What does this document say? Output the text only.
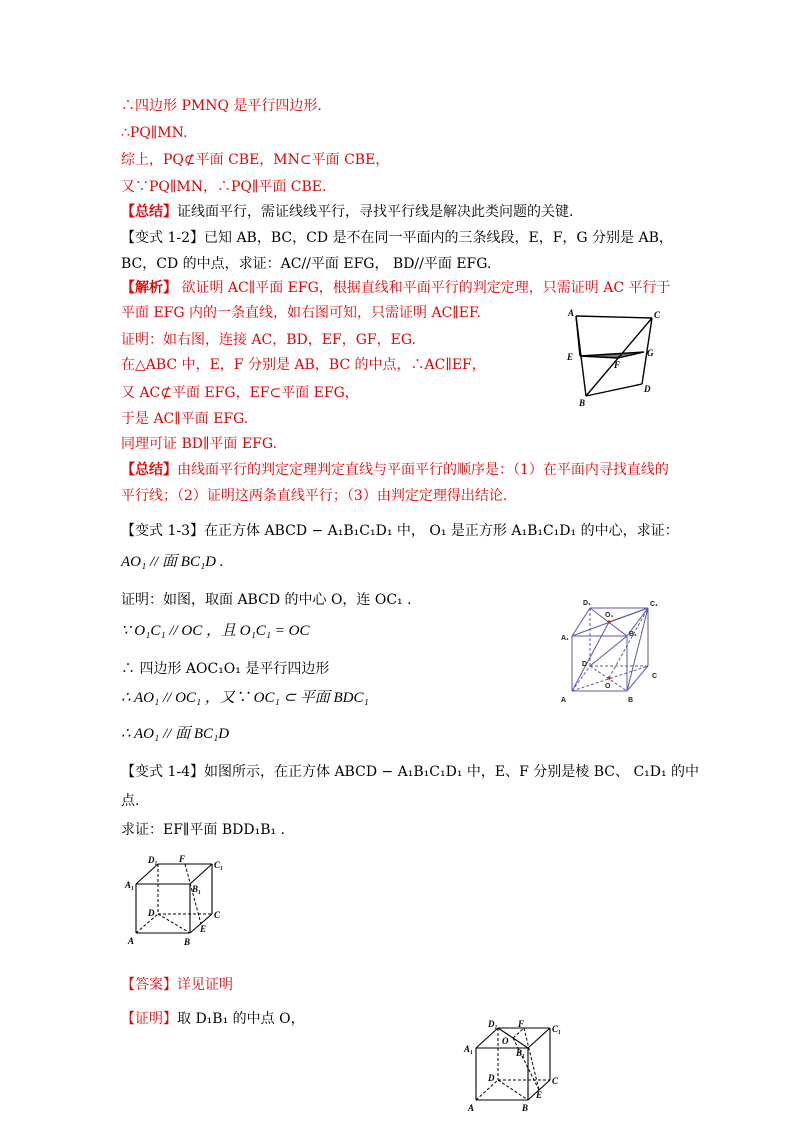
∴四边形 PMNQ 是平行四边形.
∴PQ∥MN.
综上，PQ⊄平面 CBE，MN⊂平面 CBE，
又∵PQ∥MN，∴PQ∥平面 CBE.
【总结】证线面平行，需证线线平行，寻找平行线是解决此类问题的关键.
【变式 1-2】已知 AB，BC，CD 是不在同一平面内的三条线段，E，F，G 分别是 AB，
BC，CD 的中点，求证：AC//平面 EFG， BD//平面 EFG.
【解析】 欲证明 AC∥平面 EFG，根据直线和平面平行的判定定理，只需证明 AC 平行于
平面 EFG 内的一条直线，如右图可知，只需证明 AC∥EF.
证明：如右图，连接 AC，BD，EF，GF，EG.
在△ABC 中，E，F 分别是 AB，BC 的中点，∴AC∥EF，
又 AC⊄平面 EFG，EF⊂平面 EFG，
于是 AC∥平面 EFG.
同理可证 BD∥平面 EFG.
【总结】由线面平行的判定定理判定直线与平面平行的顺序是：（1）在平面内寻找直线的
平行线；（2）证明这两条直线平行；（3）由判定定理得出结论.
【变式 1-3】在正方体 ABCD − A₁B₁C₁D₁ 中， O₁ 是正方形 A₁B₁C₁D₁ 的中心，求证：
AO₁ // 面 BC₁D .
证明：如图，取面 ABCD 的中心 O，连 OC₁ .
∵ O₁C₁ // OC ，且 O₁C₁ = OC
∴ 四边形 AOC₁O₁ 是平行四边形
∴ AO₁ // OC₁ ，又∵ OC₁ ⊂ 平面 BDC₁
∴ AO₁ // 面 BC₁D
【变式 1-4】如图所示，在正方体 ABCD − A₁B₁C₁D₁ 中，E、F 分别是棱 BC、 C₁D₁ 的中
点.
求证：EF∥平面 BDD₁B₁ .
【答案】详见证明
【证明】取 D₁B₁ 的中点 O，
A	C
E	G
F
D
B
D₁	C₁
O₁
A₁
B₁
D
C
O
A	B
D₁ F
C₁
A₁	B₁
D	C
E
A	B
D₁ F	C₁
O
A₁	B₁
D	C
E
A	B
